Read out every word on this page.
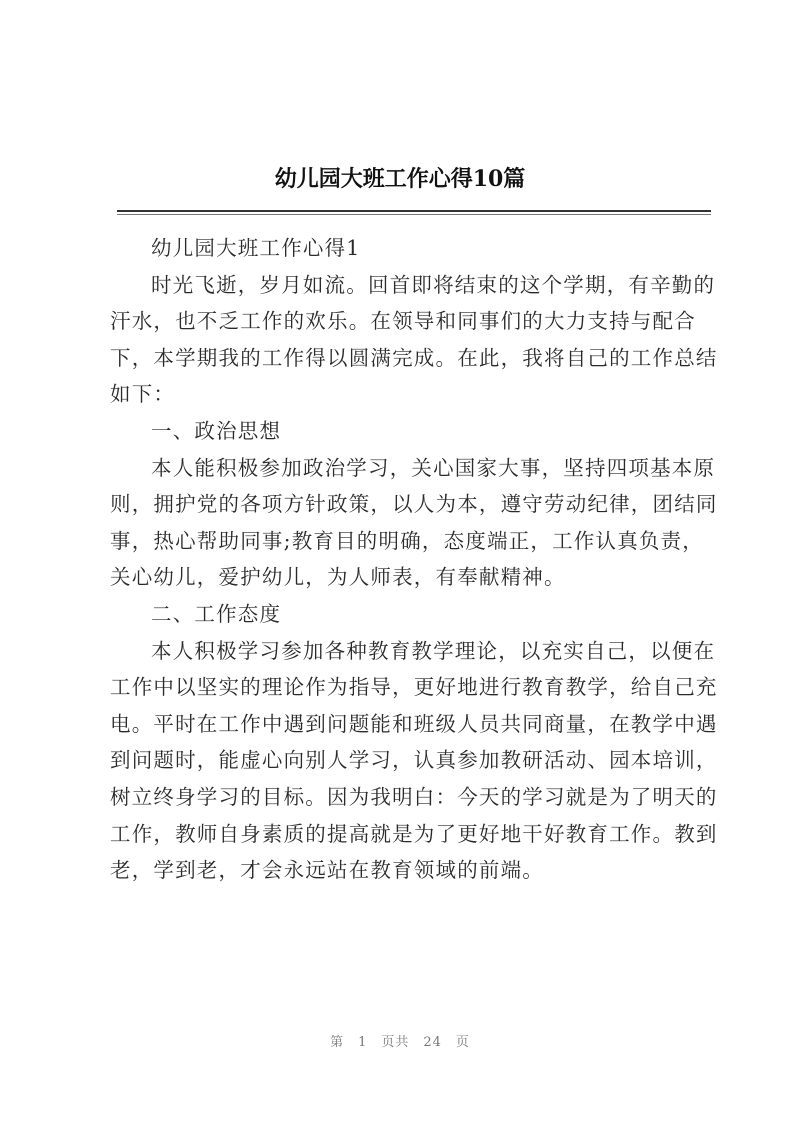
幼儿园大班工作心得10篇
幼儿园大班工作心得1
时光飞逝，岁月如流。回首即将结束的这个学期，有辛勤的
汗水，也不乏工作的欢乐。在领导和同事们的大力支持与配合
下，本学期我的工作得以圆满完成。在此，我将自己的工作总结
如下：
一、政治思想
本人能积极参加政治学习，关心国家大事，坚持四项基本原
则，拥护党的各项方针政策，以人为本，遵守劳动纪律，团结同
事，热心帮助同事;教育目的明确，态度端正，工作认真负责，
关心幼儿，爱护幼儿，为人师表，有奉献精神。
二、工作态度
本人积极学习参加各种教育教学理论，以充实自己，以便在
工作中以坚实的理论作为指导，更好地进行教育教学，给自己充
电。平时在工作中遇到问题能和班级人员共同商量，在教学中遇
到问题时，能虚心向别人学习，认真参加教研活动、园本培训，
树立终身学习的目标。因为我明白：今天的学习就是为了明天的
工作，教师自身素质的提高就是为了更好地干好教育工作。教到
老，学到老，才会永远站在教育领域的前端。
第 1 页共 24 页
